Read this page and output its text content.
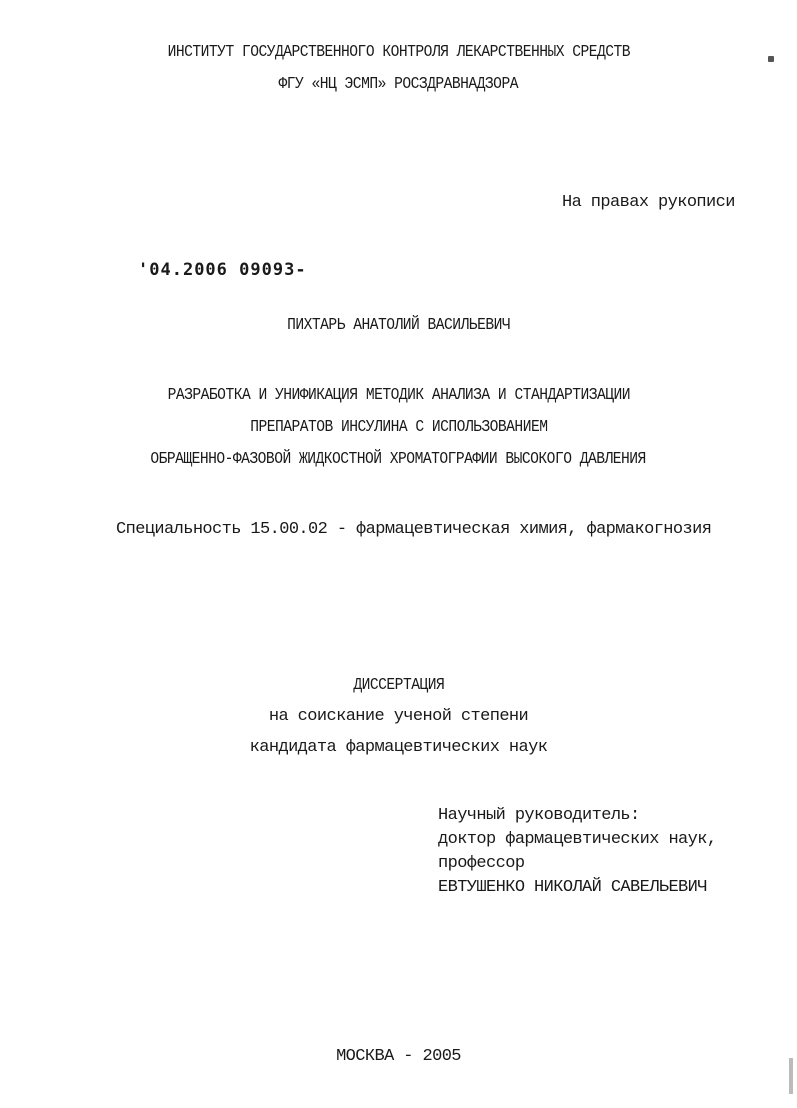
ИНСТИТУТ ГОСУДАРСТВЕННОГО КОНТРОЛЯ ЛЕКАРСТВЕННЫХ СРЕДСТВ
ФГУ «НЦ ЭСМП» РОСЗДРАВНАДЗОРА
На правах рукописи
'04.2006 09093-
ПИХТАРЬ АНАТОЛИЙ ВАСИЛЬЕВИЧ
РАЗРАБОТКА И УНИФИКАЦИЯ МЕТОДИК АНАЛИЗА И СТАНДАРТИЗАЦИИ
ПРЕПАРАТОВ ИНСУЛИНА С ИСПОЛЬЗОВАНИЕМ
ОБРАЩЕННО-ФАЗОВОЙ ЖИДКОСТНОЙ ХРОМАТОГРАФИИ ВЫСОКОГО ДАВЛЕНИЯ
Специальность 15.00.02 - фармацевтическая химия, фармакогнозия
ДИССЕРТАЦИЯ
на соискание ученой степени
кандидата фармацевтических наук
Научный руководитель:
доктор фармацевтических наук,
профессор
ЕВТУШЕНКО НИКОЛАЙ САВЕЛЬЕВИЧ
МОСКВА - 2005
